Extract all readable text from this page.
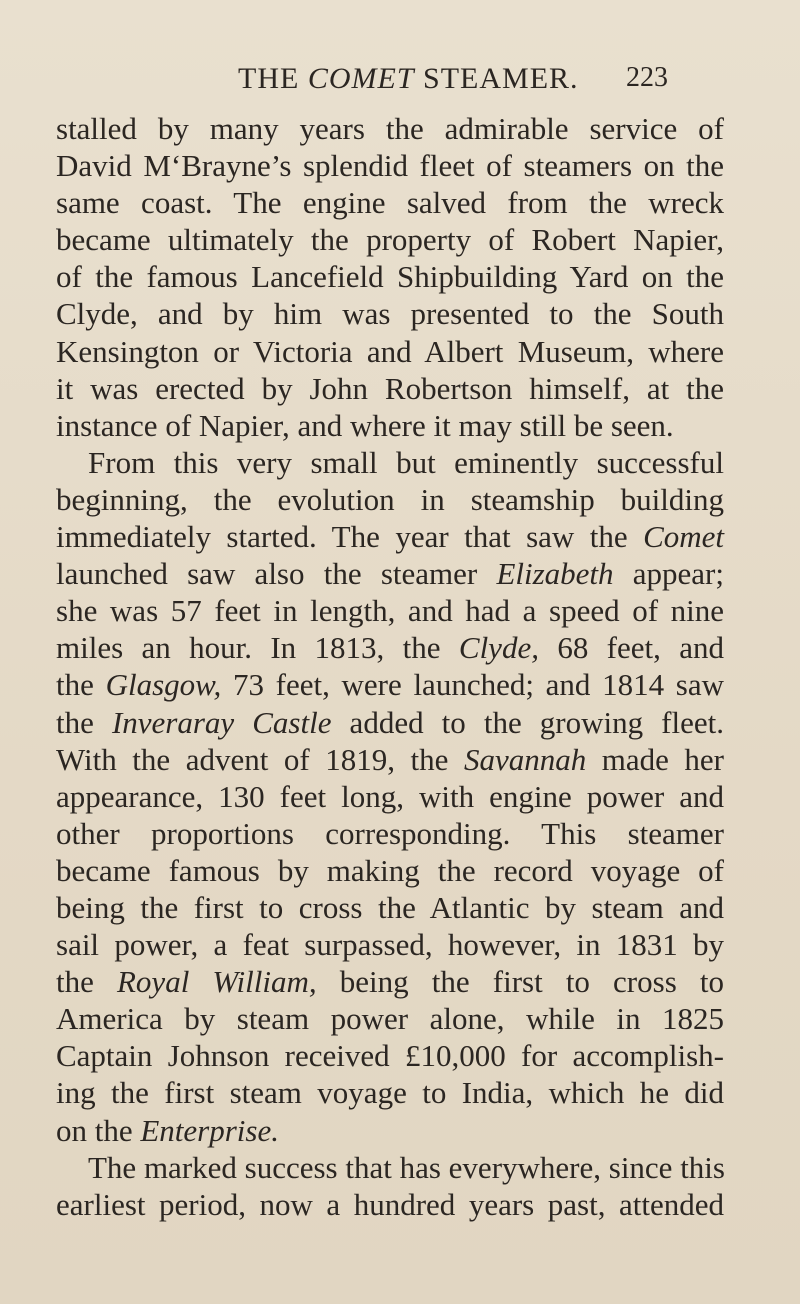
THE COMET STEAMER. 223
stalled by many years the admirable service of
David M‘Brayne’s splendid fleet of steamers on the
same coast. The engine salved from the wreck
became ultimately the property of Robert Napier,
of the famous Lancefield Shipbuilding Yard on the
Clyde, and by him was presented to the South
Kensington or Victoria and Albert Museum, where
it was erected by John Robertson himself, at the
instance of Napier, and where it may still be seen.
From this very small but eminently successful
beginning, the evolution in steamship building
immediately started. The year that saw the Comet
launched saw also the steamer Elizabeth appear;
she was 57 feet in length, and had a speed of nine
miles an hour. In 1813, the Clyde, 68 feet, and
the Glasgow, 73 feet, were launched; and 1814 saw
the Inveraray Castle added to the growing fleet.
With the advent of 1819, the Savannah made her
appearance, 130 feet long, with engine power and
other proportions corresponding. This steamer
became famous by making the record voyage of
being the first to cross the Atlantic by steam and
sail power, a feat surpassed, however, in 1831 by
the Royal William, being the first to cross to
America by steam power alone, while in 1825
Captain Johnson received £10,000 for accomplish-
ing the first steam voyage to India, which he did
on the Enterprise.
The marked success that has everywhere, since this
earliest period, now a hundred years past, attended
